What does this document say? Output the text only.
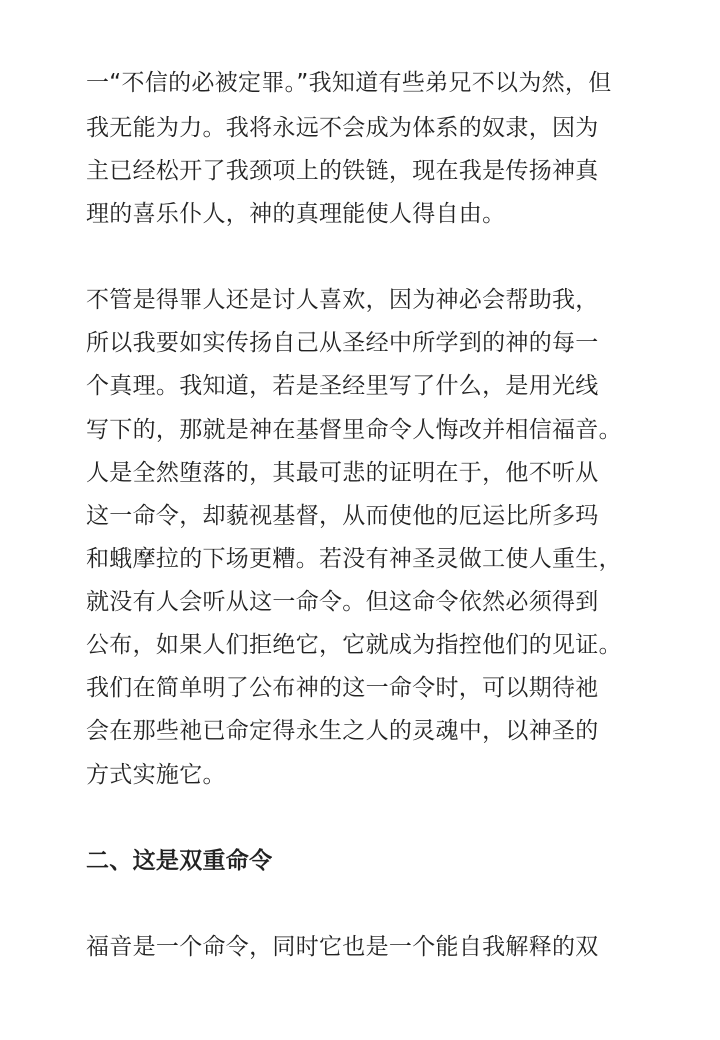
一“不信的必被定罪。”我知道有些弟兄不以为然，但
我无能为力。我将永远不会成为体系的奴隶，因为
主已经松开了我颈项上的铁链，现在我是传扬神真
理的喜乐仆人，神的真理能使人得自由。
不管是得罪人还是讨人喜欢，因为神必会帮助我，
所以我要如实传扬自己从圣经中所学到的神的每一
个真理。我知道，若是圣经里写了什么，是用光线
写下的，那就是神在基督里命令人悔改并相信福音。
人是全然堕落的，其最可悲的证明在于，他不听从
这一命令，却藐视基督，从而使他的厄运比所多玛
和蛾摩拉的下场更糟。若没有神圣灵做工使人重生，
就没有人会听从这一命令。但这命令依然必须得到
公布，如果人们拒绝它，它就成为指控他们的见证。
我们在简单明了公布神的这一命令时，可以期待祂
会在那些祂已命定得永生之人的灵魂中，以神圣的
方式实施它。
二、这是双重命令
福音是一个命令，同时它也是一个能自我解释的双
